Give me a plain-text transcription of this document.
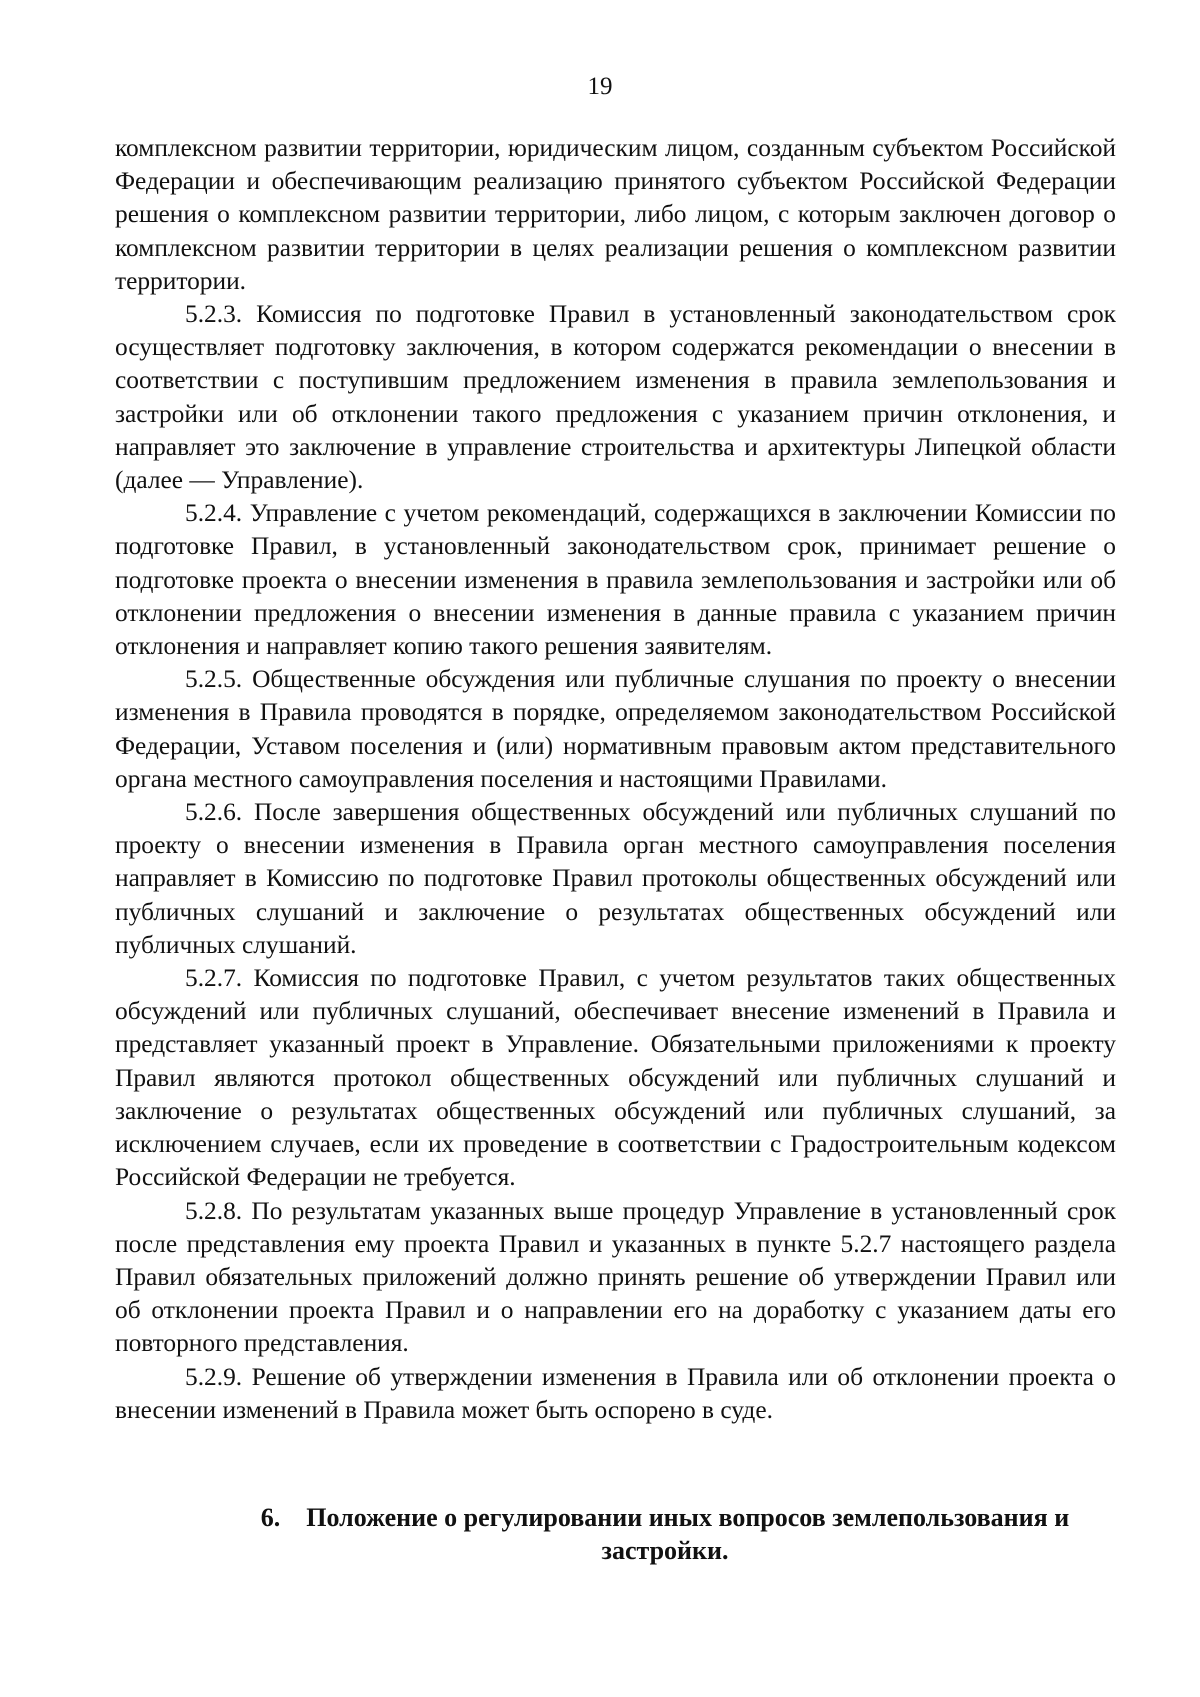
19

комплексном развитии территории, юридическим лицом, созданным субъектом Российской Федерации и обеспечивающим реализацию принятого субъектом Российской Федерации решения о комплексном развитии территории, либо лицом, с которым заключен договор о комплексном развитии территории в целях реализации решения о комплексном развитии территории.

5.2.3. Комиссия по подготовке Правил в установленный законодательством срок осуществляет подготовку заключения, в котором содержатся рекомендации о внесении в соответствии с поступившим предложением изменения в правила землепользования и застройки или об отклонении такого предложения с указанием причин отклонения, и направляет это заключение в управление строительства и архитектуры Липецкой области (далее — Управление).

5.2.4. Управление с учетом рекомендаций, содержащихся в заключении Комиссии по подготовке Правил, в установленный законодательством срок, принимает решение о подготовке проекта о внесении изменения в правила землепользования и застройки или об отклонении предложения о внесении изменения в данные правила с указанием причин отклонения и направляет копию такого решения заявителям.

5.2.5. Общественные обсуждения или публичные слушания по проекту о внесении изменения в Правила проводятся в порядке, определяемом законодательством Российской Федерации, Уставом поселения и (или) нормативным правовым актом представительного органа местного самоуправления поселения и настоящими Правилами.

5.2.6. После завершения общественных обсуждений или публичных слушаний по проекту о внесении изменения в Правила орган местного самоуправления поселения направляет в Комиссию по подготовке Правил протоколы общественных обсуждений или публичных слушаний и заключение о результатах общественных обсуждений или публичных слушаний.

5.2.7. Комиссия по подготовке Правил, с учетом результатов таких общественных обсуждений или публичных слушаний, обеспечивает внесение изменений в Правила и представляет указанный проект в Управление. Обязательными приложениями к проекту Правил являются протокол общественных обсуждений или публичных слушаний и заключение о результатах общественных обсуждений или публичных слушаний, за исключением случаев, если их проведение в соответствии с Градостроительным кодексом Российской Федерации не требуется.

5.2.8. По результатам указанных выше процедур Управление в установленный срок после представления ему проекта Правил и указанных в пункте 5.2.7 настоящего раздела Правил обязательных приложений должно принять решение об утверждении Правил или об отклонении проекта Правил и о направлении его на доработку с указанием даты его повторного представления.

5.2.9. Решение об утверждении изменения в Правила или об отклонении проекта о внесении изменений в Правила может быть оспорено в суде.

6. Положение о регулировании иных вопросов землепользования и застройки.
